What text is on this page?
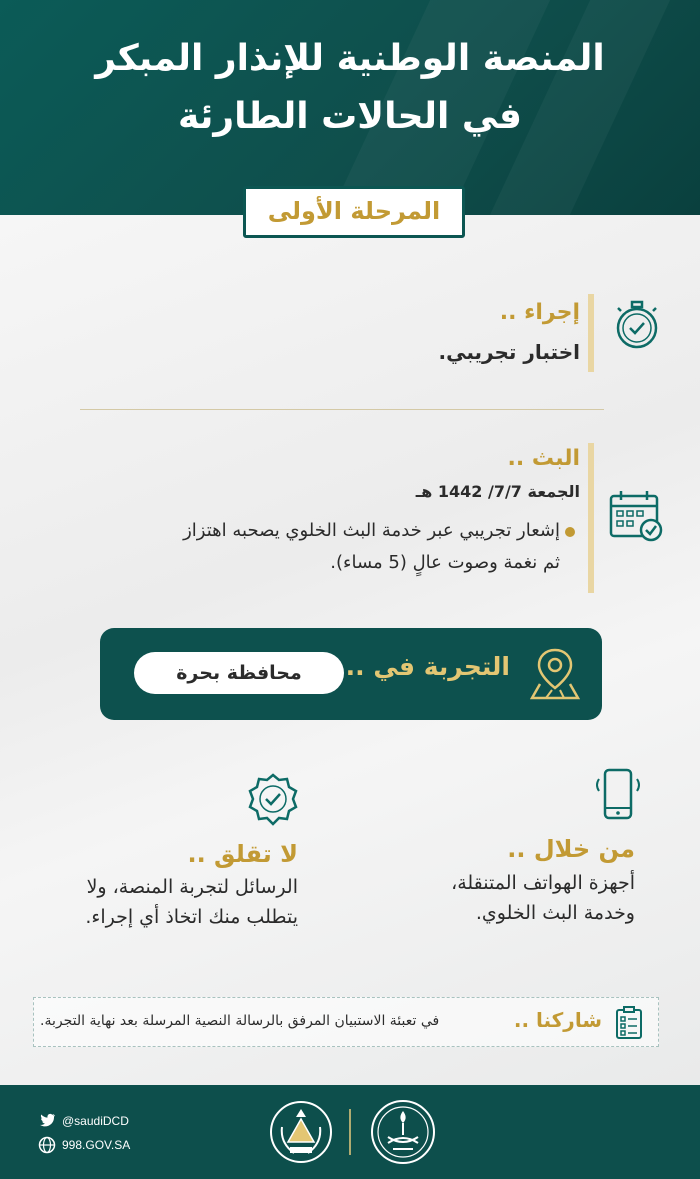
المنصة الوطنية للإنذار المبكر
في الحالات الطارئة
المرحلة الأولى
إجراء ..
اختبار تجريبي.
البث ..
الجمعة 7/7/ 1442 هـ
إشعار تجريبي عبر خدمة البث الخلوي يصحبه اهتزاز
ثم نغمة وصوت عالٍ (5 مساء).
محافظة بحرة	التجربة في ..
لا تقلق ..
الرسائل لتجربة المنصة، ولا
يتطلب منك اتخاذ أي إجراء.
من خلال ..
أجهزة الهواتف المتنقلة،
وخدمة البث الخلوي.
شاركنا ..
في تعبئة الاستبيان المرفق بالرسالة النصية المرسلة بعد نهاية التجربة.
@saudiDCD
998.GOV.SA
